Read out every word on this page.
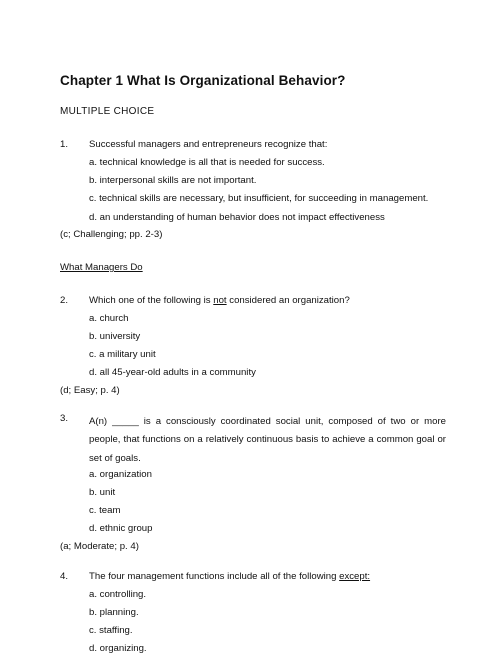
Chapter 1 What Is Organizational Behavior?
MULTIPLE CHOICE
1. Successful managers and entrepreneurs recognize that:
a. technical knowledge is all that is needed for success.
b. interpersonal skills are not important.
c. technical skills are necessary, but insufficient, for succeeding in management.
d. an understanding of human behavior does not impact effectiveness
(c; Challenging; pp. 2-3)
What Managers Do
2. Which one of the following is not considered an organization?
a. church
b. university
c. a military unit
d. all 45-year-old adults in a community
(d; Easy; p. 4)
3. A(n) _____ is a consciously coordinated social unit, composed of two or more people, that functions on a relatively continuous basis to achieve a common goal or set of goals.
a. organization
b. unit
c. team
d. ethnic group
(a; Moderate; p. 4)
4. The four management functions include all of the following except:
a. controlling.
b. planning.
c. staffing.
d. organizing.
